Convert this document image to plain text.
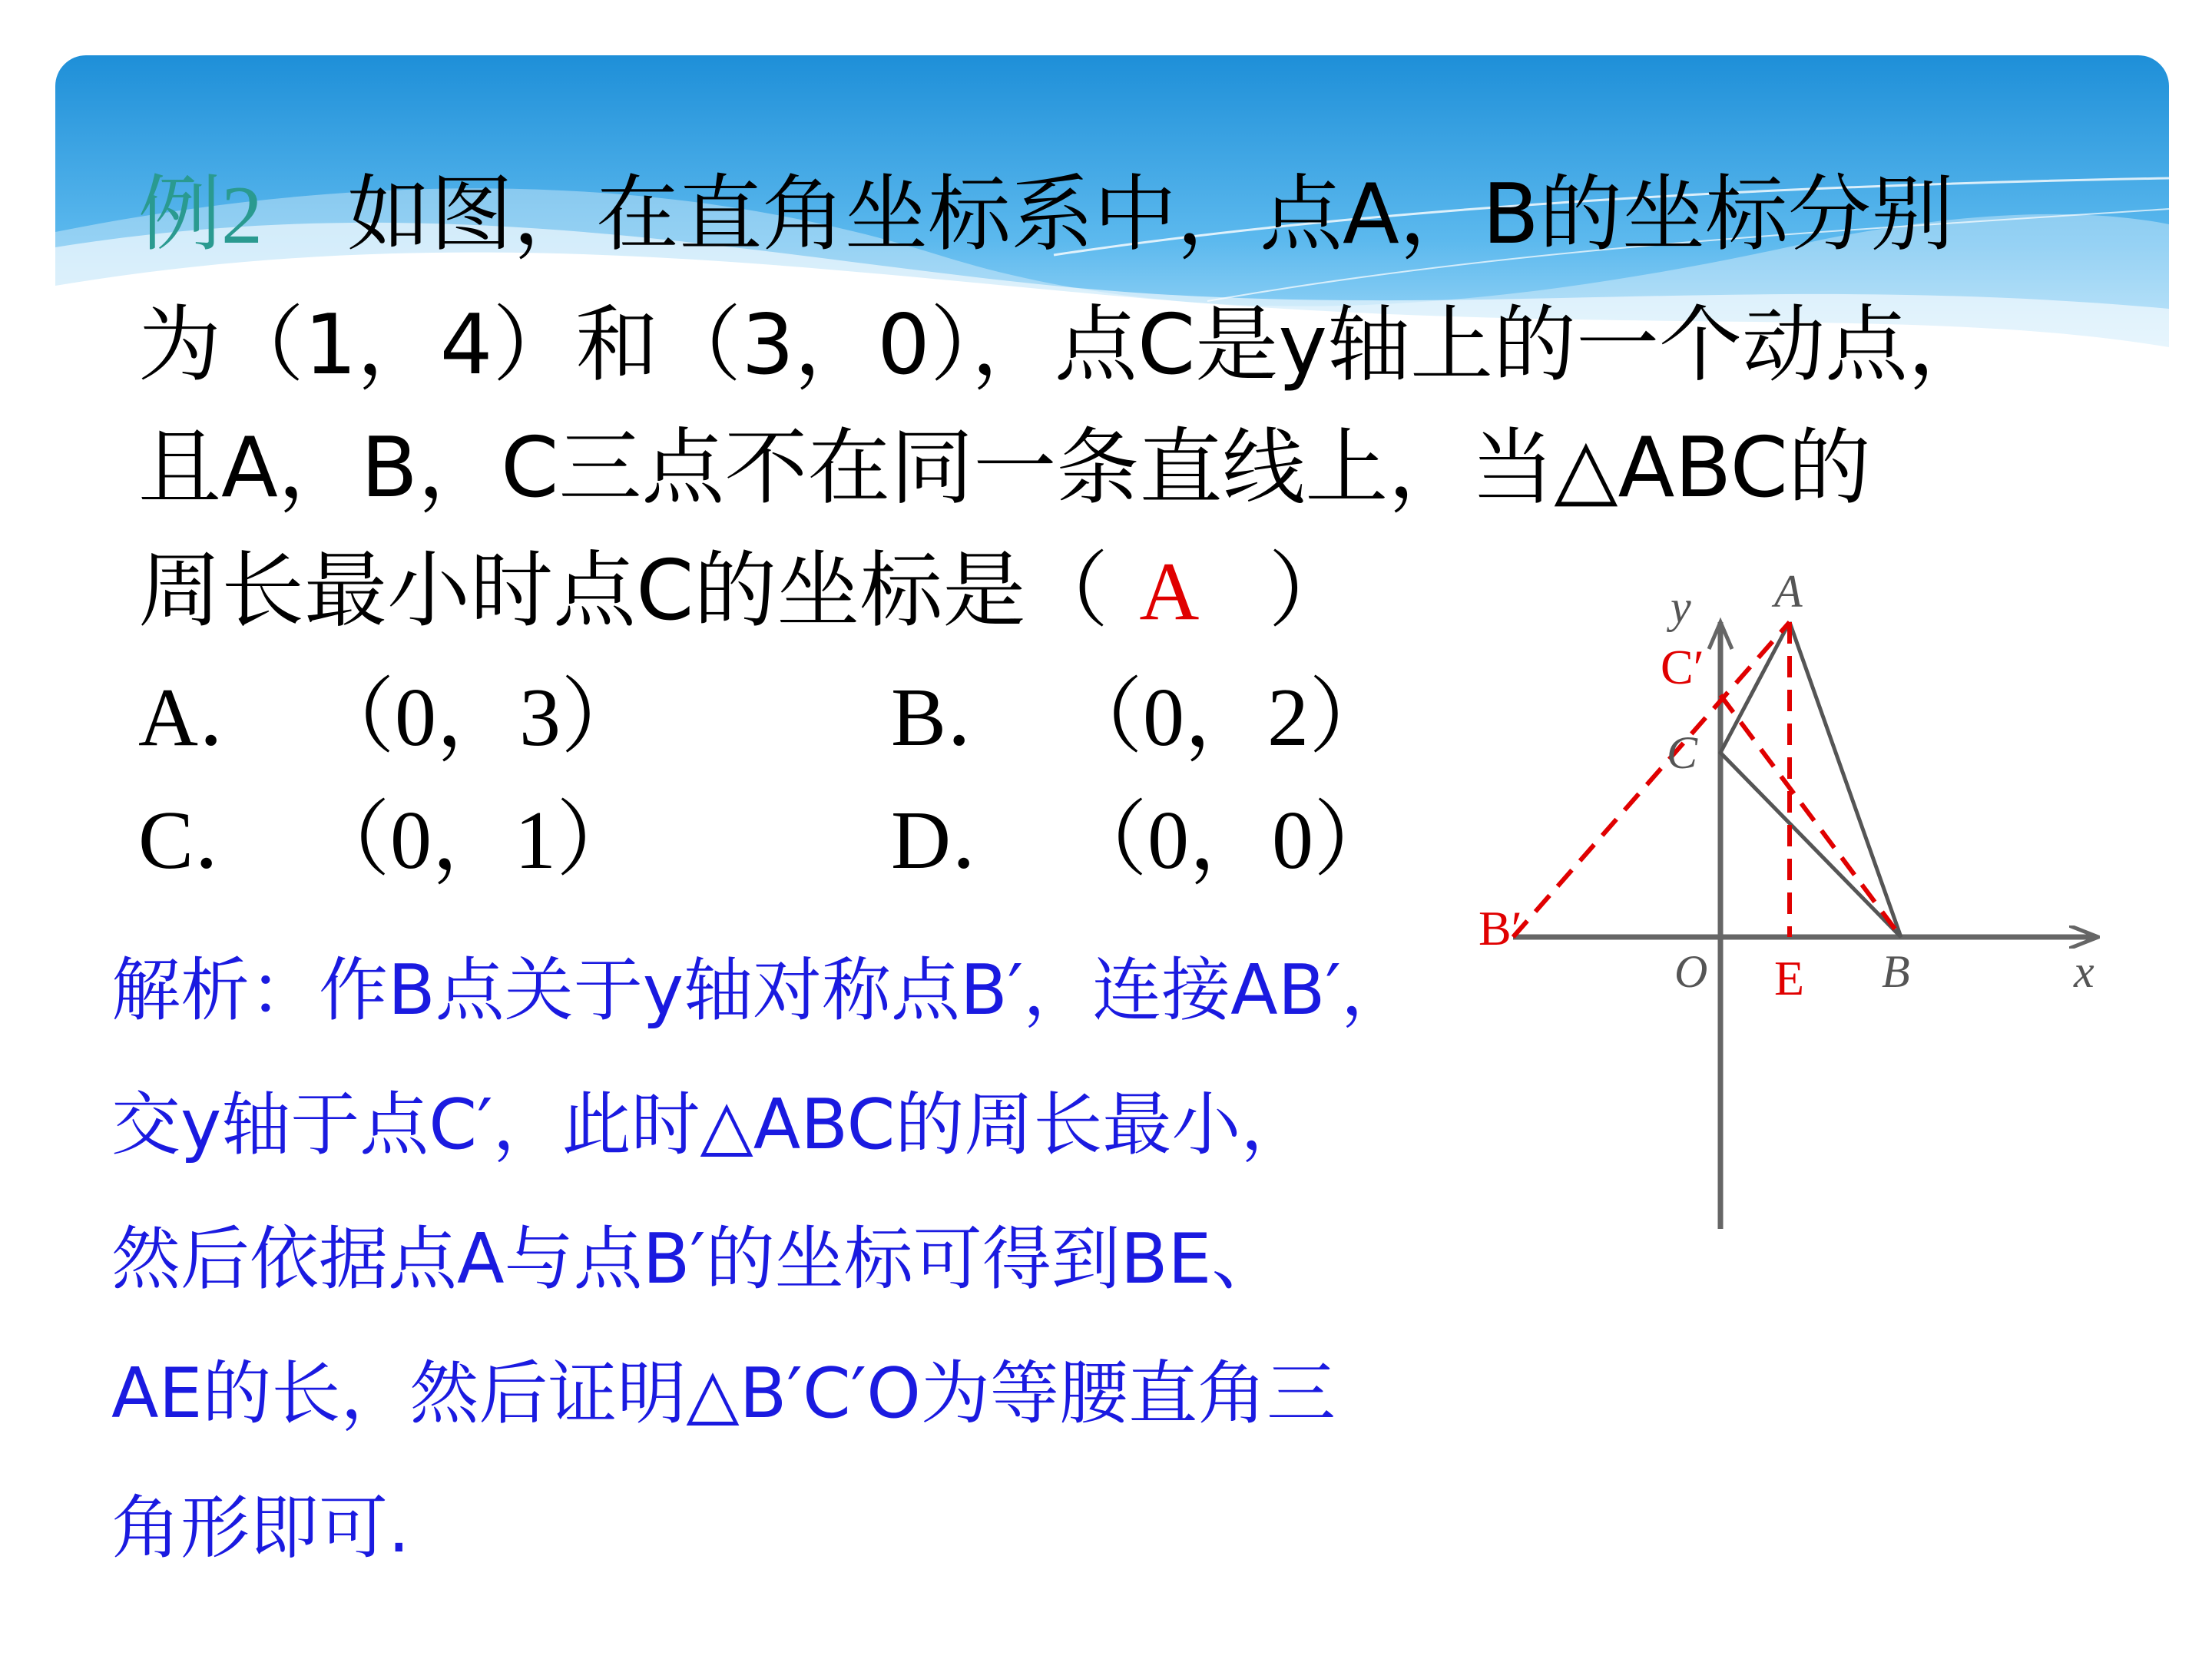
例2 如图，在直角坐标系中，点A，B的坐标分别

为（1，4）和（3，0），点C是y轴上的一个动点，

且A，B，C三点不在同一条直线上，当△ABC的

周长最小时点C的坐标是（ A ）

A． （0，3）	B． （0，2）
C． （0，1）	D． （0，0）

解析：作B点关于y轴对称点B′，连接AB′，

交y轴于点C′，此时△ABC的周长最小，

然后依据点A与点B′的坐标可得到BE、

AE的长，然后证明△B′C′O为等腰直角三

角形即可.

y A
C′
C
B′
O E B	x
